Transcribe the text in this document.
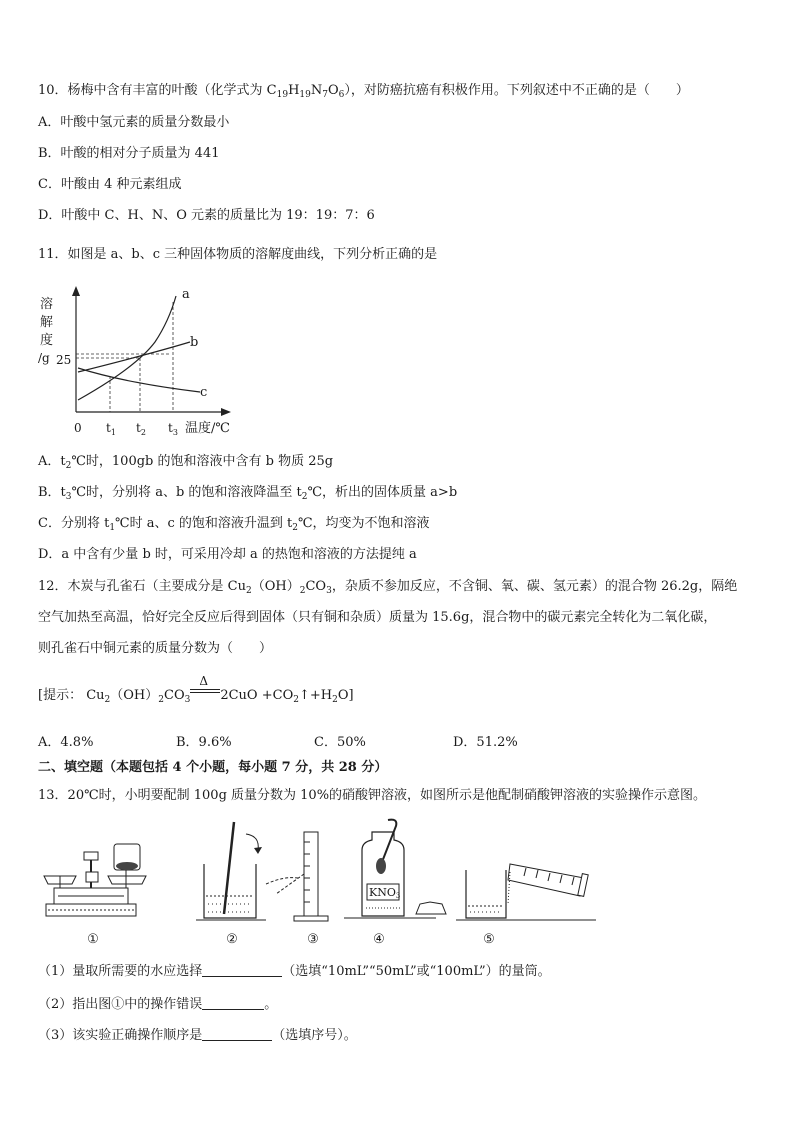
10．杨梅中含有丰富的叶酸（化学式为 $C_{19}H_{19}N_7O_6$），对防癌抗癌有积极作用。下列叙述中不正确的是（　　）
A．叶酸中氢元素的质量分数最小
B．叶酸的相对分子质量为 441
C．叶酸由 4 种元素组成
D．叶酸中 C、H、N、O 元素的质量比为 19：19：7：6
11．如图是 a、b、c 三种固体物质的溶解度曲线，下列分析正确的是
溶
解
度
/g 25
a
b
c
0 $t_1$ $t_2$ $t_3$ 温度/℃
A．$t_2℃$时，100gb 的饱和溶液中含有 b 物质 25g
B．$t_3℃$时，分别将 a、b 的饱和溶液降温至 $t_2℃$，析出的固体质量 a>b
C．分别将 $t_1℃$时 a、c 的饱和溶液升温到 $t_2℃$，均变为不饱和溶液
D．a 中含有少量 b 时，可采用冷却 a 的热饱和溶液的方法提纯 a
12．木炭与孔雀石（主要成分是 $Cu_2(OH)_2CO_3$，杂质不参加反应，不含铜、氧、碳、氢元素）的混合物 26.2g，隔绝
空气加热至高温，恰好完全反应后得到固体（只有铜和杂质）质量为 15.6g，混合物中的碳元素完全转化为二氧化碳，
则孔雀石中铜元素的质量分数为（　　）
[提示： $Cu_2(OH)_2CO_3$
Δ
$2CuO +CO_2↑+H_2O$]
A．4.8%	B．9.6%	C．50%	D．51.2%
二、填空题（本题包括 4 个小题，每小题 7 分，共 28 分）
13．20℃时，小明要配制 100g 质量分数为 10%的硝酸钾溶液，如图所示是他配制硝酸钾溶液的实验操作示意图。
①	②	③
KNO3
④	⑤
（1）量取所需要的水应选择	（选填“10mL”“50mL”或“100mL”）的量筒。
（2）指出图①中的操作错误	。
（3）该实验正确操作顺序是	（选填序号）。
